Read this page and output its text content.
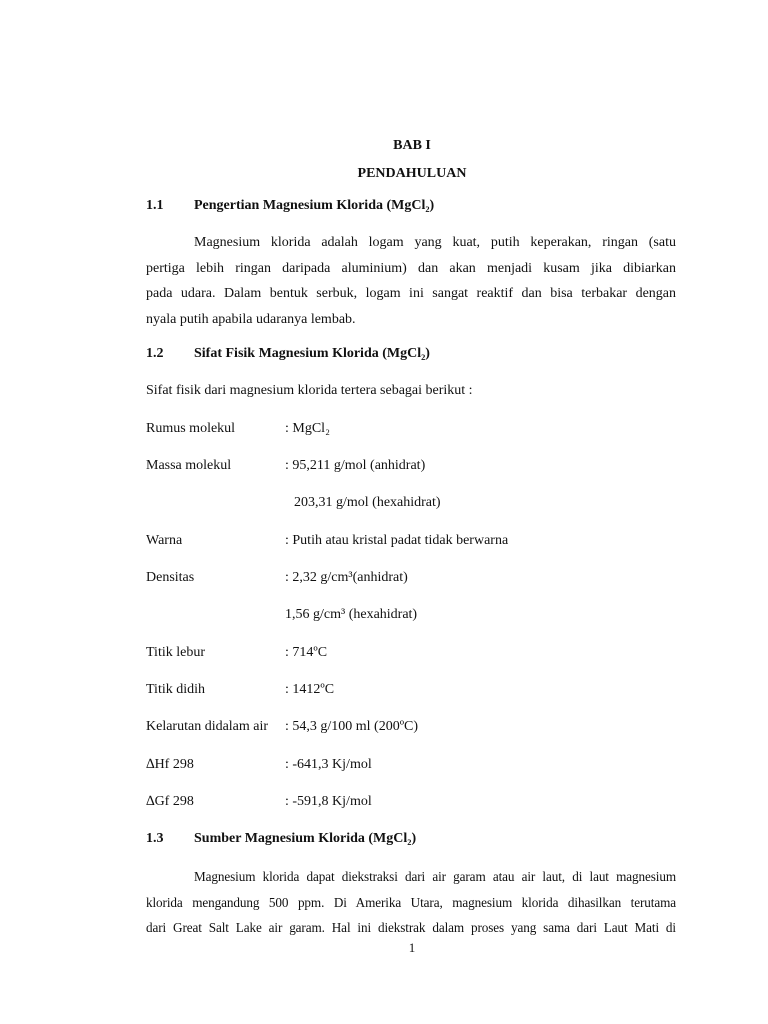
BAB I
PENDAHULUAN
1.1 Pengertian Magnesium Klorida (MgCl₂)
Magnesium klorida adalah logam yang kuat, putih keperakan, ringan (satu
pertiga lebih ringan daripada aluminium) dan akan menjadi kusam jika dibiarkan
pada udara. Dalam bentuk serbuk, logam ini sangat reaktif dan bisa terbakar dengan
nyala putih apabila udaranya lembab.
1.2 Sifat Fisik Magnesium Klorida (MgCl₂)
Sifat fisik dari magnesium klorida tertera sebagai berikut :
Rumus molekul	: MgCl₂
Massa molekul	: 95,211 g/mol (anhidrat)
203,31 g/mol (hexahidrat)
Warna	: Putih atau kristal padat tidak berwarna
Densitas	: 2,32 g/cm³(anhidrat)
1,56 g/cm³ (hexahidrat)
Titik lebur	: 714ºC
Titik didih	: 1412ºC
Kelarutan didalam air : 54,3 g/100 ml (200ºC)
∆Hf 298	: -641,3 Kj/mol
∆Gf 298	: -591,8 Kj/mol
1.3 Sumber Magnesium Klorida (MgCl₂)
Magnesium klorida dapat diekstraksi dari air garam atau air laut, di laut magnesium
klorida mengandung 500 ppm. Di Amerika Utara, magnesium klorida dihasilkan terutama
dari Great Salt Lake air garam. Hal ini diekstrak dalam proses yang sama dari Laut Mati di
1
